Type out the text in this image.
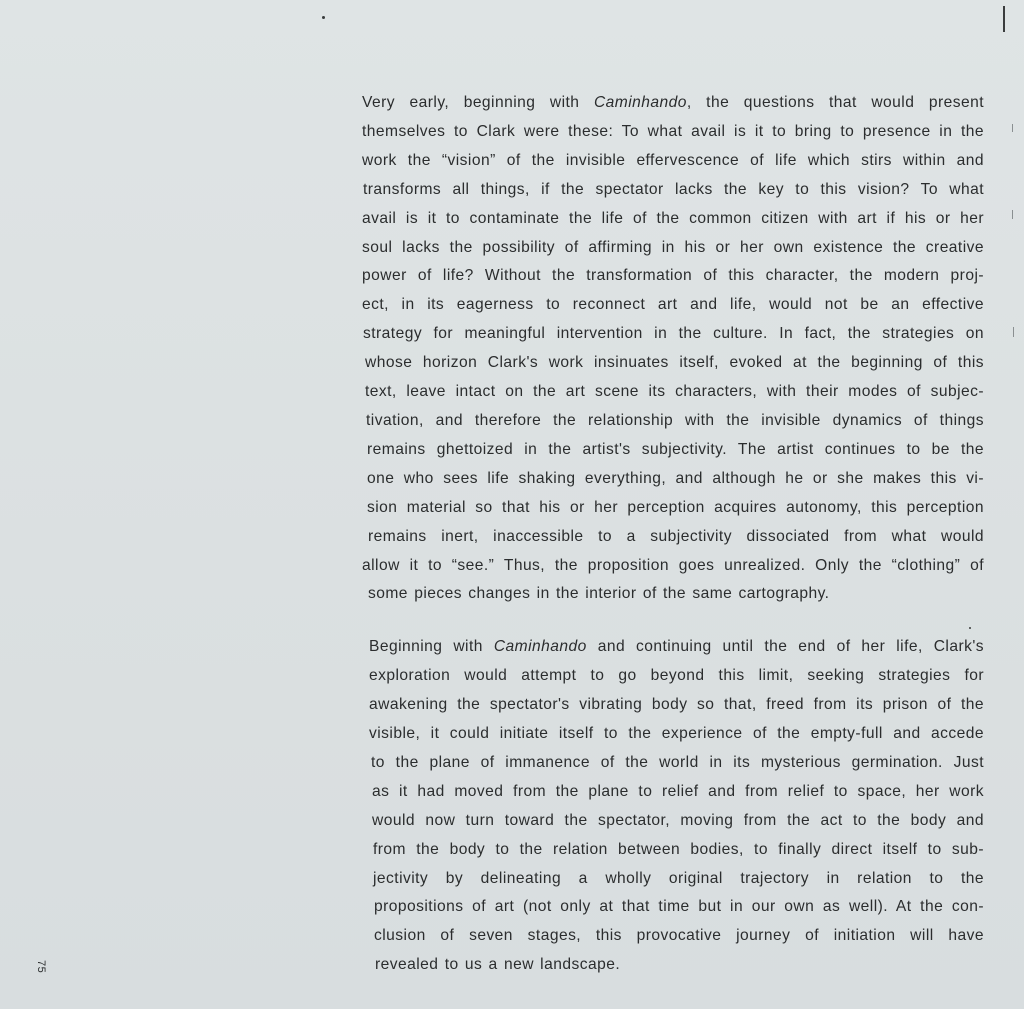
Very early, beginning with Caminhando, the questions that would present
themselves to Clark were these: To what avail is it to bring to presence in the
work the “vision” of the invisible effervescence of life which stirs within and
transforms all things, if the spectator lacks the key to this vision? To what
avail is it to contaminate the life of the common citizen with art if his or her
soul lacks the possibility of affirming in his or her own existence the creative
power of life? Without the transformation of this character, the modern proj-
ect, in its eagerness to reconnect art and life, would not be an effective
strategy for meaningful intervention in the culture. In fact, the strategies on
whose horizon Clark's work insinuates itself, evoked at the beginning of this
text, leave intact on the art scene its characters, with their modes of subjec-
tivation, and therefore the relationship with the invisible dynamics of things
remains ghettoized in the artist's subjectivity. The artist continues to be the
one who sees life shaking everything, and although he or she makes this vi-
sion material so that his or her perception acquires autonomy, this perception
remains inert, inaccessible to a subjectivity dissociated from what would
allow it to “see.” Thus, the proposition goes unrealized. Only the “clothing” of
some pieces changes in the interior of the same cartography.

Beginning with Caminhando and continuing until the end of her life, Clark's
exploration would attempt to go beyond this limit, seeking strategies for
awakening the spectator's vibrating body so that, freed from its prison of the
visible, it could initiate itself to the experience of the empty-full and accede
to the plane of immanence of the world in its mysterious germination. Just
as it had moved from the plane to relief and from relief to space, her work
would now turn toward the spectator, moving from the act to the body and
from the body to the relation between bodies, to finally direct itself to sub-
jectivity by delineating a wholly original trajectory in relation to the
propositions of art (not only at that time but in our own as well). At the con-
clusion of seven stages, this provocative journey of initiation will have
revealed to us a new landscape.

75
